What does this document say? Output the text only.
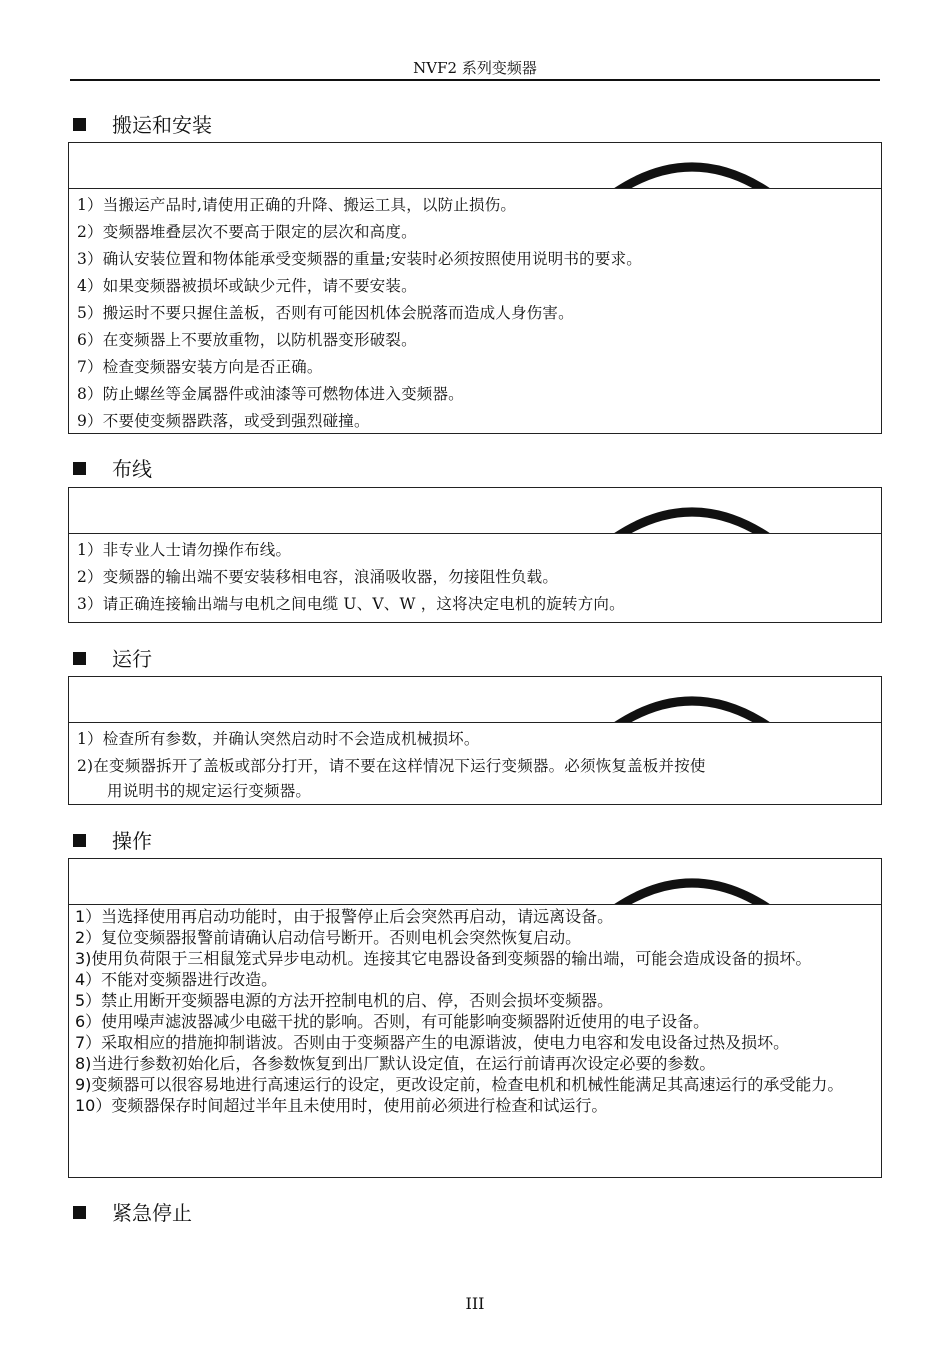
NVF2 系列变频器
搬运和安装
1）当搬运产品时,请使用正确的升降、搬运工具，以防止损伤。
2）变频器堆叠层次不要高于限定的层次和高度。
3）确认安装位置和物体能承受变频器的重量;安装时必须按照使用说明书的要求。
4）如果变频器被损坏或缺少元件，请不要安装。
5）搬运时不要只握住盖板，否则有可能因机体会脱落而造成人身伤害。
6）在变频器上不要放重物，以防机器变形破裂。
7）检查变频器安装方向是否正确。
8）防止螺丝等金属器件或油漆等可燃物体进入变频器。
9）不要使变频器跌落，或受到强烈碰撞。
布线
1）非专业人士请勿操作布线。
2）变频器的输出端不要安装移相电容，浪涌吸收器，勿接阻性负载。
3）请正确连接输出端与电机之间电缆 U、V、W ，这将决定电机的旋转方向。
运行
1）检查所有参数，并确认突然启动时不会造成机械损坏。
2)在变频器拆开了盖板或部分打开，请不要在这样情况下运行变频器。必须恢复盖板并按使
用说明书的规定运行变频器。
操作
1）当选择使用再启动功能时，由于报警停止后会突然再启动，请远离设备。
2）复位变频器报警前请确认启动信号断开。否则电机会突然恢复启动。
3)使用负荷限于三相鼠笼式异步电动机。连接其它电器设备到变频器的输出端，可能会造成设备的损坏。
4）不能对变频器进行改造。
5）禁止用断开变频器电源的方法开控制电机的启、停，否则会损坏变频器。
6）使用噪声滤波器减少电磁干扰的影响。否则，有可能影响变频器附近使用的电子设备。
7）采取相应的措施抑制谐波。否则由于变频器产生的电源谐波，使电力电容和发电设备过热及损坏。
8)当进行参数初始化后，各参数恢复到出厂默认设定值，在运行前请再次设定必要的参数。
9)变频器可以很容易地进行高速运行的设定，更改设定前，检查电机和机械性能满足其高速运行的承受能力。
10）变频器保存时间超过半年且未使用时，使用前必须进行检查和试运行。
紧急停止
III
